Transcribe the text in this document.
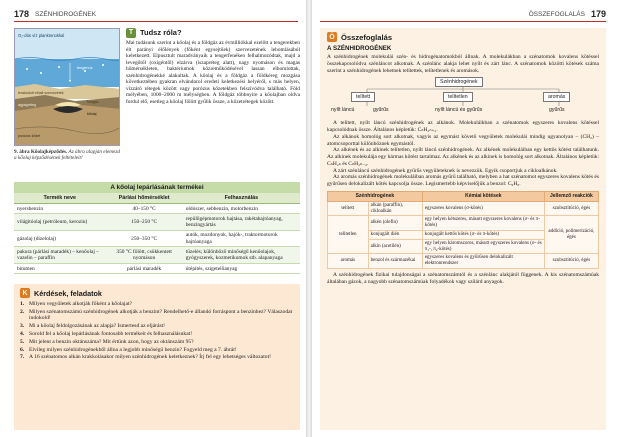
178 SZÉNHIDROGÉNEK
O₂-dús víz planktonokkal
tengervíz
lerakódott elhalt szervezetek
agyagréteg
földgáz
kőolaj
porózus kőzet
9. ábra Kőolajképződés. Az ábra alapján elemezd a kőolaj képződésének feltételeit!
T Tudsz róla?

Mai tudásunk szerint a kőolaj és a földgáz az évmilliókkal ezelőtt a tengerekben élt parányi élőlények (főként egysejtűek) szervezetének lebomlásából keletkezett. Elpusztult maradványaik a tengerfenéken felhalmozódtak, majd a levegőtől (oxigéntől) elzárva (iszapréteg alatt), nagy nyomáson és magas hőmérsékleten, baktériumok közreműködésével lassan elbomlottak, szénhidrogénekké alakultak. A kőolaj és a földgáz a földkéreg mozgása következtében gyakran elvándorol eredeti keletkezési helyéről, s más helyen, vízzáró rétegek között vagy porózus kőzetekben felszívódva található. Föld mélyében, 1000–2000 m mélységben. A földgáz többnyire a kőolajban oldva fordul elő, esetleg a kőolaj fölött gyűlik össze, a kőzetrétegek között.

A kőolaj lepárlásának termékei
Termék neve	Párlási hőmérséklet	Felhasználás
nyersbenzin	40–150 °C	oldószer, sebbenzin, motorbenzin
világítóolaj (petróleum, kerozin)	150–250 °C	repülőgépmotorok hajtása, rakétahajtóanyag, benzingyártás
gázolaj (dízelolaj)	250–350 °C	autók, mozdonyok, hajók-, traktormotorok hajtóanyaga
pakura (párlási maradék) – kenőolaj – vazelin – paraffin	350 °C fölött, csökkentett nyomáson	tüzelés; különböző minőségű kenőolajok, gyógyszerek, kozmetikumok stb. alapanyaga
bitumen	párlási maradék	útépítés, szigetelőanyag
K Kérdések, feladatok
1. Milyen vegyületek alkotják főként a kőolajat?
2. Milyen szénatomszámú szénhidrogének alkotják a benzint? Rendelhető-e állandó forráspont a benzinhez? Válaszodat indokold!
3. Mi a kőolaj feldolgozásának az alapja? Ismertesd az eljárást!
4. Sorold fel a kőolaj lepárlásának fontosabb termékeit és felhasználásukat!
5. Mit jelent a benzin oktánszáma? Mit értünk azon, hogy az oktánszám 95?
6. Elvileg milyen szénhidrogénekből állna a legjobb minőségű benzin? Fogyeld meg a 7. ábrát!
7. A 16 szénatomos alkán krakkolásakor milyen szénhidrogének keletkeznek? Írj fel egy lehetséges változatot!
ÖSSZEFOGLALÁS 179
Ö Összefoglalás
A SZÉNHIDROGÉNEK

A szénhidrogének molekulái szén- és hidrogénatomokból állnak. A molekulákban a szénatomok kovalens kötéssel összekapcsolódva szénláncot alkotnak. A szénlánc alakja lehet nyílt és zárt lánc. A szénatomok közötti kötések száma szerint a szénhidrogének lehetnek telítettek, telítetlenek és aromások.

Szénhidrogének
telített	telítetlen	aromás
nyílt láncú	gyűrűs	nyílt láncú és gyűrűs	gyűrűs

A telített, nyílt láncú szénhidrogének az alkánok. Molekuláikban a szénatomok egyszeres kovalens kötéssel kapcsolódnak össze. Általános képletük: CₙH₂ₙ₊₂.

Az alkánok homológ sort alkotnak, vagyis az egymást követő vegyületek molekulái mindig ugyanolyan – (CH₂) – atomcsoporttal különböznek egymástól.

Az alkének és az alkinek telítetlen, nyílt láncú szénhidrogének. Az alkének molekuláiban egy kettős kötést találhatunk. Az alkinek molekulája egy hármas kötést tartalmaz. Az alkének és az alkinek is homológ sort alkotnak. Általános képletük: CₙH₂ₙ és CₙH₂ₙ₋₂.

A zárt szénláncú szénhidrogének gyűrűs vegyületeknek is nevezzük. Egyik csoportjuk a cikloalkánok.

Az aromás szénhidrogének molekuláiban aromás gyűrű található, melyben a hat szénatomot egyszeres kovalens kötés és gyűrűsen delokalizált kötés kapcsolja össze. Legismertebb képviselőjük a benzol: C₆H₆.

Szénhidrogének		Kémiai kötések	Jellemző reakciók
telített	alkán (paraffin), cikloalkán	egyszeres kovalens (σ-kötés)	szubsztitúció, égés
telítetlen	alkén (olefin)	egy helyen kétszeres, másutt egyszeres kovalens (σ- és π-kötés)	addíció, polimerizáció, égés
	konjugált dién	konjugált kettős kötés (σ- és π-kötés)	
	alkin (acetilén)	egy helyen háromszoros, másutt egyszeres kovalens (σ- és π₁-, π₂-kötés)	
aromás	benzol és származékai	egyszeres kovalens és gyűrűsen delokalizált elektronrendszer	szubsztitúció, égés

A szénhidrogének fizikai tulajdonságai a szénatomszámtól és a szénlánc alakjától függenek. A kis szénatomszámúak általában gázok, a nagyobb szénatomszámúak folyadékok vagy szilárd anyagok.
